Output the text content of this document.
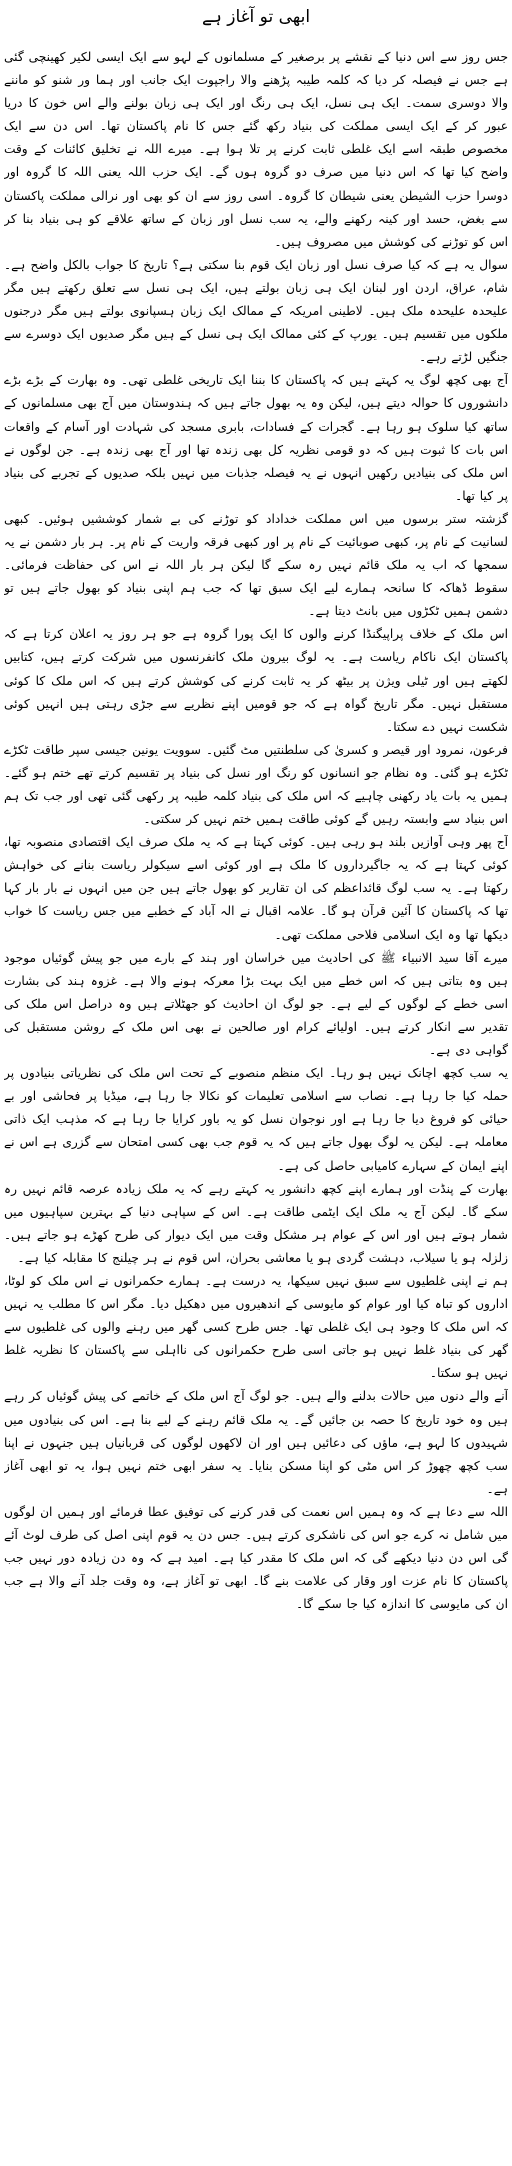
ابھی تو آغاز ہے

جس روز سے اس دنیا کے نقشے پر برصغیر کے مسلمانوں کے لہو سے ایک ایسی لکیر کھینچی گئی ہے جس نے فیصلہ کر دیا کہ کلمہ طیبہ پڑھنے والا راجپوت ایک جانب اور ہما ور شنو کو ماننے والا دوسری سمت۔ ایک ہی نسل، ایک ہی رنگ اور ایک ہی زبان بولنے والے اس خون کا دریا عبور کر کے ایک ایسی مملکت کی بنیاد رکھ گئے جس کا نام پاکستان تھا۔ اس دن سے ایک مخصوص طبقہ اسے ایک غلطی ثابت کرنے پر تلا ہوا ہے۔ میرے اللہ نے تخلیق کائنات کے وقت واضح کیا تھا کہ اس دنیا میں صرف دو گروہ ہوں گے۔ ایک حزب اللہ یعنی اللہ کا گروہ اور دوسرا حزب الشیطن یعنی شیطان کا گروہ۔ اسی روز سے ان کو بھی اور نرالی مملکت پاکستان سے بغض، حسد اور کینہ رکھنے والے، یہ سب نسل اور زبان کے ساتھ علاقے کو ہی بنیاد بنا کر اس کو توڑنے کی کوشش میں مصروف ہیں۔

سوال یہ ہے کہ کیا صرف نسل اور زبان ایک قوم بنا سکتی ہے؟ تاریخ کا جواب بالکل واضح ہے۔ شام، عراق، اردن اور لبنان ایک ہی زبان بولتے ہیں، ایک ہی نسل سے تعلق رکھتے ہیں مگر علیحدہ علیحدہ ملک ہیں۔ لاطینی امریکہ کے ممالک ایک زبان ہسپانوی بولتے ہیں مگر درجنوں ملکوں میں تقسیم ہیں۔ یورپ کے کئی ممالک ایک ہی نسل کے ہیں مگر صدیوں ایک دوسرے سے جنگیں لڑتے رہے۔

آج بھی کچھ لوگ یہ کہتے ہیں کہ پاکستان کا بننا ایک تاریخی غلطی تھی۔ وہ بھارت کے بڑے بڑے دانشوروں کا حوالہ دیتے ہیں، لیکن وہ یہ بھول جاتے ہیں کہ ہندوستان میں آج بھی مسلمانوں کے ساتھ کیا سلوک ہو رہا ہے۔ گجرات کے فسادات، بابری مسجد کی شہادت اور آسام کے واقعات اس بات کا ثبوت ہیں کہ دو قومی نظریہ کل بھی زندہ تھا اور آج بھی زندہ ہے۔ جن لوگوں نے اس ملک کی بنیادیں رکھیں انہوں نے یہ فیصلہ جذبات میں نہیں بلکہ صدیوں کے تجربے کی بنیاد پر کیا تھا۔

گزشتہ ستر برسوں میں اس مملکت خداداد کو توڑنے کی بے شمار کوششیں ہوئیں۔ کبھی لسانیت کے نام پر، کبھی صوبائیت کے نام پر اور کبھی فرقہ واریت کے نام پر۔ ہر بار دشمن نے یہ سمجھا کہ اب یہ ملک قائم نہیں رہ سکے گا لیکن ہر بار اللہ نے اس کی حفاظت فرمائی۔ سقوط ڈھاکہ کا سانحہ ہمارے لیے ایک سبق تھا کہ جب ہم اپنی بنیاد کو بھول جاتے ہیں تو دشمن ہمیں ٹکڑوں میں بانٹ دیتا ہے۔

اس ملک کے خلاف پراپیگنڈا کرنے والوں کا ایک پورا گروہ ہے جو ہر روز یہ اعلان کرتا ہے کہ پاکستان ایک ناکام ریاست ہے۔ یہ لوگ بیرون ملک کانفرنسوں میں شرکت کرتے ہیں، کتابیں لکھتے ہیں اور ٹیلی ویژن پر بیٹھ کر یہ ثابت کرنے کی کوشش کرتے ہیں کہ اس ملک کا کوئی مستقبل نہیں۔ مگر تاریخ گواہ ہے کہ جو قومیں اپنے نظریے سے جڑی رہتی ہیں انہیں کوئی شکست نہیں دے سکتا۔

فرعون، نمرود اور قیصر و کسریٰ کی سلطنتیں مٹ گئیں۔ سوویت یونین جیسی سپر طاقت ٹکڑے ٹکڑے ہو گئی۔ وہ نظام جو انسانوں کو رنگ اور نسل کی بنیاد پر تقسیم کرتے تھے ختم ہو گئے۔ ہمیں یہ بات یاد رکھنی چاہیے کہ اس ملک کی بنیاد کلمہ طیبہ پر رکھی گئی تھی اور جب تک ہم اس بنیاد سے وابستہ رہیں گے کوئی طاقت ہمیں ختم نہیں کر سکتی۔

آج پھر وہی آوازیں بلند ہو رہی ہیں۔ کوئی کہتا ہے کہ یہ ملک صرف ایک اقتصادی منصوبہ تھا، کوئی کہتا ہے کہ یہ جاگیرداروں کا ملک ہے اور کوئی اسے سیکولر ریاست بنانے کی خواہش رکھتا ہے۔ یہ سب لوگ قائداعظم کی ان تقاریر کو بھول جاتے ہیں جن میں انہوں نے بار بار کہا تھا کہ پاکستان کا آئین قرآن ہو گا۔ علامہ اقبال نے الہ آباد کے خطبے میں جس ریاست کا خواب دیکھا تھا وہ ایک اسلامی فلاحی مملکت تھی۔

میرے آقا سید الانبیاء ﷺ کی احادیث میں خراسان اور ہند کے بارے میں جو پیش گوئیاں موجود ہیں وہ بتاتی ہیں کہ اس خطے میں ایک بہت بڑا معرکہ ہونے والا ہے۔ غزوہ ہند کی بشارت اسی خطے کے لوگوں کے لیے ہے۔ جو لوگ ان احادیث کو جھٹلاتے ہیں وہ دراصل اس ملک کی تقدیر سے انکار کرتے ہیں۔ اولیائے کرام اور صالحین نے بھی اس ملک کے روشن مستقبل کی گواہی دی ہے۔

یہ سب کچھ اچانک نہیں ہو رہا۔ ایک منظم منصوبے کے تحت اس ملک کی نظریاتی بنیادوں پر حملہ کیا جا رہا ہے۔ نصاب سے اسلامی تعلیمات کو نکالا جا رہا ہے، میڈیا پر فحاشی اور بے حیائی کو فروغ دیا جا رہا ہے اور نوجوان نسل کو یہ باور کرایا جا رہا ہے کہ مذہب ایک ذاتی معاملہ ہے۔ لیکن یہ لوگ بھول جاتے ہیں کہ یہ قوم جب بھی کسی امتحان سے گزری ہے اس نے اپنے ایمان کے سہارے کامیابی حاصل کی ہے۔

بھارت کے پنڈت اور ہمارے اپنے کچھ دانشور یہ کہتے رہے کہ یہ ملک زیادہ عرصہ قائم نہیں رہ سکے گا۔ لیکن آج یہ ملک ایک ایٹمی طاقت ہے۔ اس کے سپاہی دنیا کے بہترین سپاہیوں میں شمار ہوتے ہیں اور اس کے عوام ہر مشکل وقت میں ایک دیوار کی طرح کھڑے ہو جاتے ہیں۔ زلزلہ ہو یا سیلاب، دہشت گردی ہو یا معاشی بحران، اس قوم نے ہر چیلنج کا مقابلہ کیا ہے۔

ہم نے اپنی غلطیوں سے سبق نہیں سیکھا، یہ درست ہے۔ ہمارے حکمرانوں نے اس ملک کو لوٹا، اداروں کو تباہ کیا اور عوام کو مایوسی کے اندھیروں میں دھکیل دیا۔ مگر اس کا مطلب یہ نہیں کہ اس ملک کا وجود ہی ایک غلطی تھا۔ جس طرح کسی گھر میں رہنے والوں کی غلطیوں سے گھر کی بنیاد غلط نہیں ہو جاتی اسی طرح حکمرانوں کی نااہلی سے پاکستان کا نظریہ غلط نہیں ہو سکتا۔

آنے والے دنوں میں حالات بدلنے والے ہیں۔ جو لوگ آج اس ملک کے خاتمے کی پیش گوئیاں کر رہے ہیں وہ خود تاریخ کا حصہ بن جائیں گے۔ یہ ملک قائم رہنے کے لیے بنا ہے۔ اس کی بنیادوں میں شہیدوں کا لہو ہے، ماؤں کی دعائیں ہیں اور ان لاکھوں لوگوں کی قربانیاں ہیں جنہوں نے اپنا سب کچھ چھوڑ کر اس مٹی کو اپنا مسکن بنایا۔ یہ سفر ابھی ختم نہیں ہوا، یہ تو ابھی آغاز ہے۔

اللہ سے دعا ہے کہ وہ ہمیں اس نعمت کی قدر کرنے کی توفیق عطا فرمائے اور ہمیں ان لوگوں میں شامل نہ کرے جو اس کی ناشکری کرتے ہیں۔ جس دن یہ قوم اپنی اصل کی طرف لوٹ آئے گی اس دن دنیا دیکھے گی کہ اس ملک کا مقدر کیا ہے۔ امید ہے کہ وہ دن زیادہ دور نہیں جب پاکستان کا نام عزت اور وقار کی علامت بنے گا۔ ابھی تو آغاز ہے، وہ وقت جلد آنے والا ہے جب ان کی مایوسی کا اندازہ کیا جا سکے گا۔
